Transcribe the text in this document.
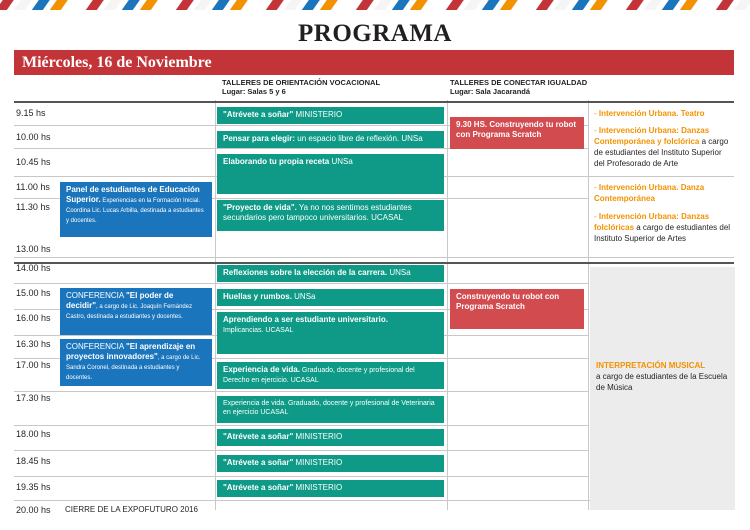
PROGRAMA
Miércoles, 16 de Noviembre
TALLERES DE ORIENTACIÓN VOCACIONAL
Lugar: Salas 5 y 6
TALLERES DE CONECTAR IGUALDAD
Lugar: Sala Jacarandá
9.15 hs
10.00 hs
10.45 hs
11.00 hs
11.30 hs
13.00 hs
14.00 hs
15.00 hs
16.00 hs
16.30 hs
17.00 hs
17.30 hs
18.00 hs
18.45 hs
19.35 hs
20.00 hs
"Atrévete a soñar" MINISTERIO
Pensar para elegir: un espacio libre de reflexión. UNSa
Elaborando tu propia receta UNSa
"Proyecto de vida". Ya no nos sentimos estudiantes secundarios pero tampoco universitarios. UCASAL
Reflexiones sobre la elección de la carrera. UNSa
Huellas y rumbos. UNSa
Aprendiendo a ser estudiante universitario.
Implicancias. UCASAL
Experiencia de vida. Graduado, docente y profesional del Derecho en ejercicio. UCASAL
Experiencia de vida. Graduado, docente y profesional de Veterinaria en ejercicio UCASAL
"Atrévete a soñar" MINISTERIO
"Atrévete a soñar" MINISTERIO
"Atrévete a soñar" MINISTERIO
Panel de estudiantes de Educación Superior. Experiencias en la Formación Inicial. Coordina Lic. Lucas Arbilla, destinada a estudiantes y docentes.
CONFERENCIA "El poder de decidir", a cargo de Lic. Joaquín Fernández Castro, destinada a estudiantes y docentes.
CONFERENCIA "El aprendizaje en proyectos innovadores", a cargo de Lic. Sandra Coronel, destinada a estudiantes y docentes.
9.30 HS. Construyendo tu robot con Programa Scratch
Construyendo tu robot con Programa Scratch
- Intervención Urbana. Teatro
- Intervención Urbana: Danzas Contemporánea y folclórica a cargo de estudiantes del Instituto Superior del Profesorado de Arte
- Intervención Urbana. Danza Contemporánea
- Intervención Urbana: Danzas folclóricas a cargo de estudiantes del Instituto Superior de Artes
INTERPRETACIÓN MUSICAL
a cargo de estudiantes de la Escuela de Música
CIERRE DE LA EXPOFUTURO 2016
